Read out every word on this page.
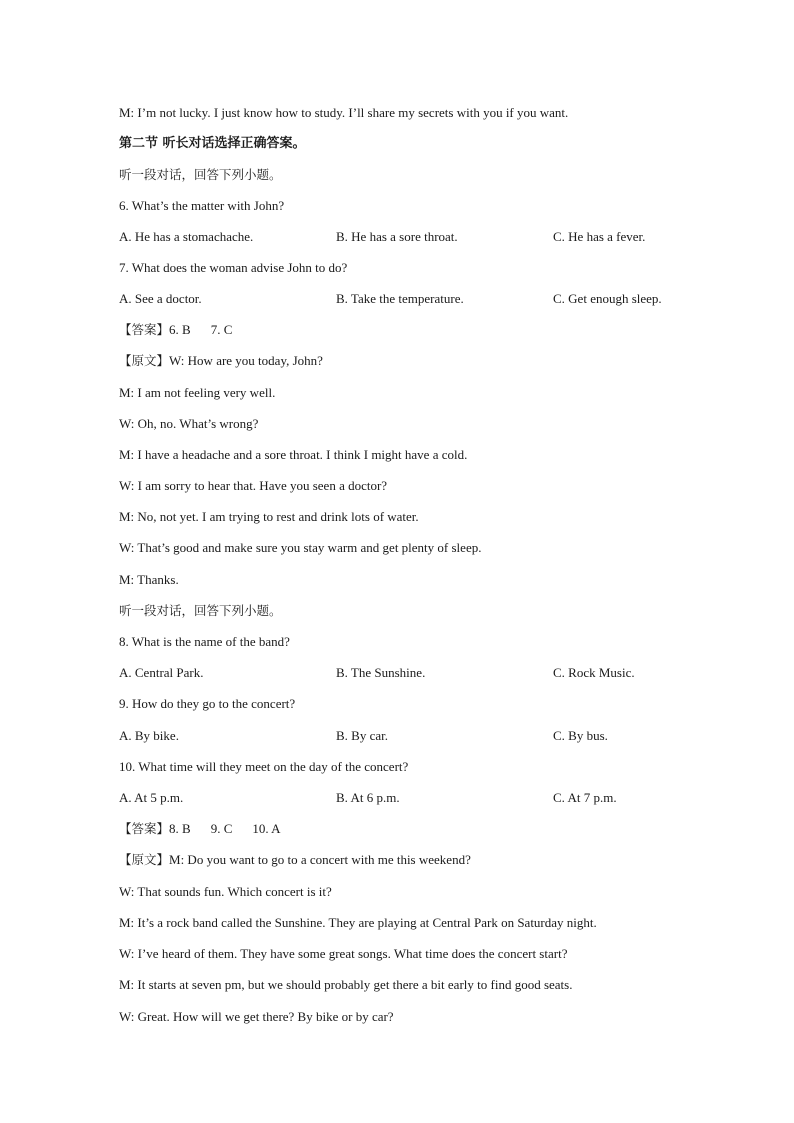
M: I’m not lucky. I just know how to study. I’ll share my secrets with you if you want.
第二节 听长对话选择正确答案。
听一段对话，回答下列小题。
6. What’s the matter with John?
A. He has a stomachache.	B. He has a sore throat.	C. He has a fever.
7. What does the woman advise John to do?
A. See a doctor.	B. Take the temperature.	C. Get enough sleep.
【答案】6. B 7. C
【原文】W: How are you today, John?
M: I am not feeling very well.
W: Oh, no. What’s wrong?
M: I have a headache and a sore throat. I think I might have a cold.
W: I am sorry to hear that. Have you seen a doctor?
M: No, not yet. I am trying to rest and drink lots of water.
W: That’s good and make sure you stay warm and get plenty of sleep.
M: Thanks.
听一段对话，回答下列小题。
8. What is the name of the band?
A. Central Park.	B. The Sunshine.	C. Rock Music.
9. How do they go to the concert?
A. By bike.	B. By car.	C. By bus.
10. What time will they meet on the day of the concert?
A. At 5 p.m.	B. At 6 p.m.	C. At 7 p.m.
【答案】8. B 9. C 10. A
【原文】M: Do you want to go to a concert with me this weekend?
W: That sounds fun. Which concert is it?
M: It’s a rock band called the Sunshine. They are playing at Central Park on Saturday night.
W: I’ve heard of them. They have some great songs. What time does the concert start?
M: It starts at seven pm, but we should probably get there a bit early to find good seats.
W: Great. How will we get there? By bike or by car?
